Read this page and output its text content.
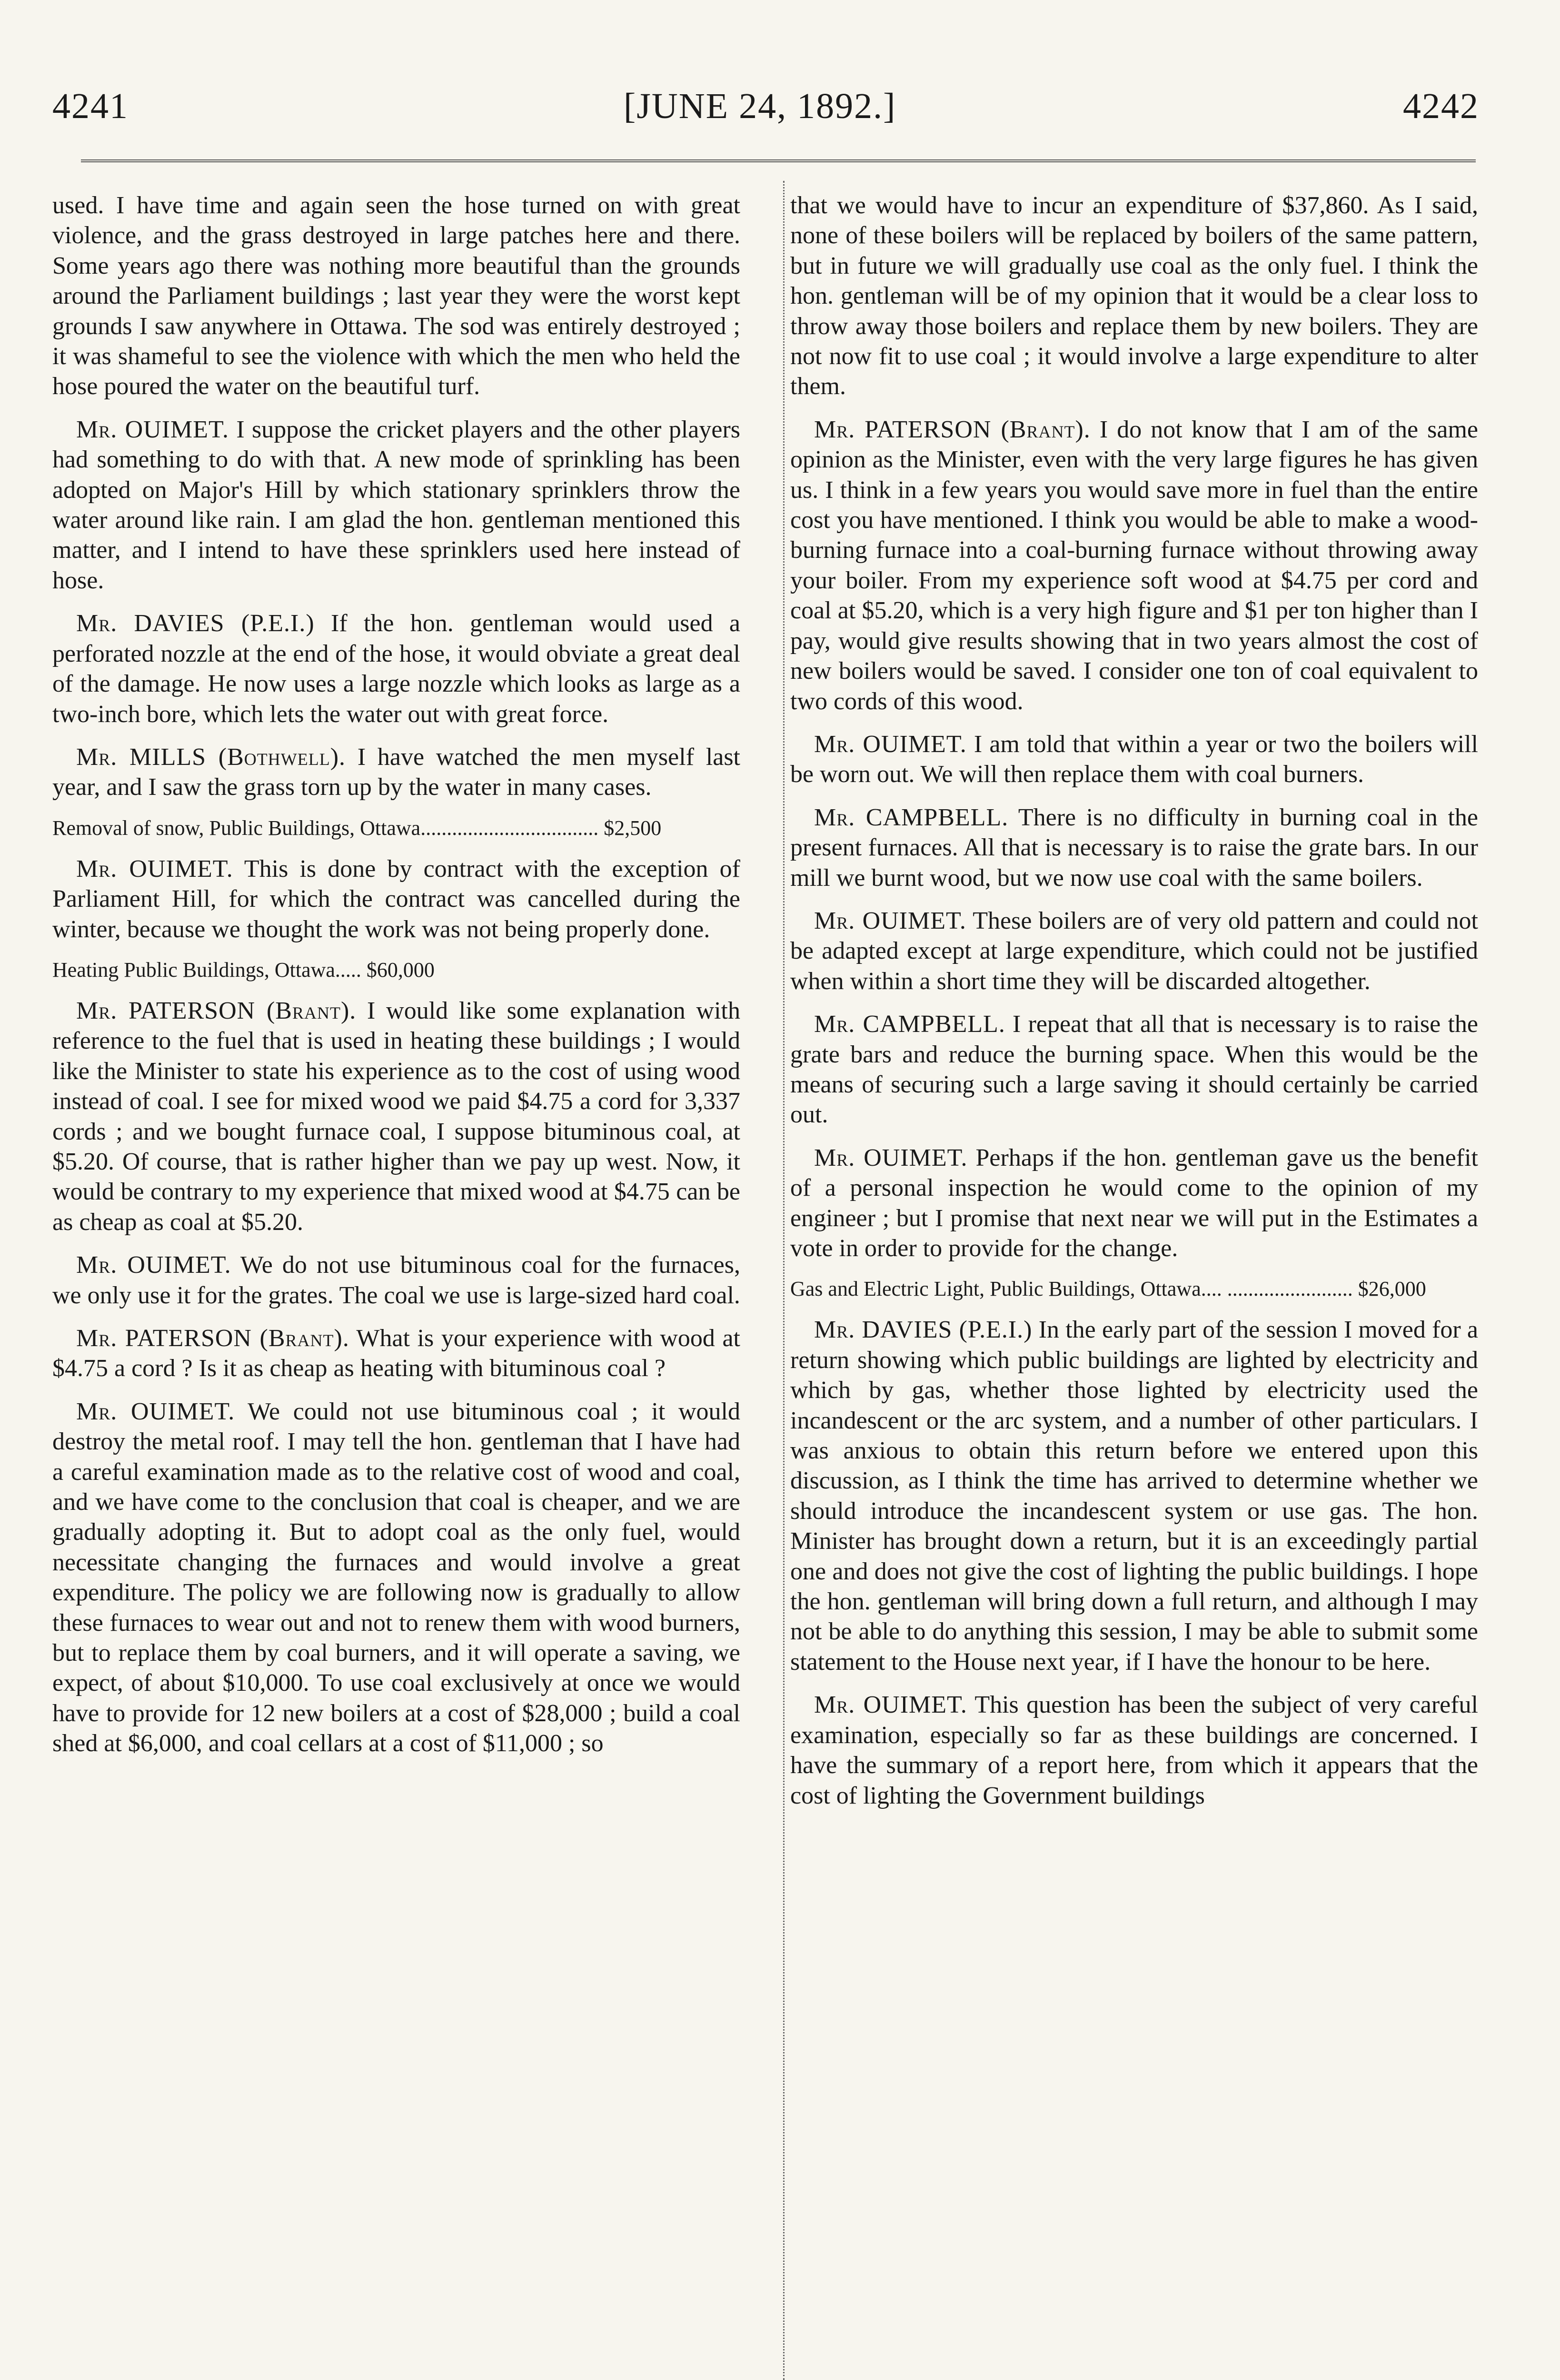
4241	[JUNE 24, 1892.]	4242

used. I have time and again seen the hose turned on with great violence, and the grass destroyed in large patches here and there. Some years ago there was nothing more beautiful than the grounds around the Parliament buildings ; last year they were the worst kept grounds I saw anywhere in Ottawa. The sod was entirely destroyed ; it was shameful to see the violence with which the men who held the hose poured the water on the beautiful turf.

Mr. OUIMET. I suppose the cricket players and the other players had something to do with that. A new mode of sprinkling has been adopted on Major's Hill by which stationary sprinklers throw the water around like rain. I am glad the hon. gentleman mentioned this matter, and I intend to have these sprinklers used here instead of hose.

Mr. DAVIES (P.E.I.) If the hon. gentleman would used a perforated nozzle at the end of the hose, it would obviate a great deal of the damage. He now uses a large nozzle which looks as large as a two-inch bore, which lets the water out with great force.

Mr. MILLS (Bothwell). I have watched the men myself last year, and I saw the grass torn up by the water in many cases.

Removal of snow, Public Buildings, Ottawa.................................. $2,500

Mr. OUIMET. This is done by contract with the exception of Parliament Hill, for which the contract was cancelled during the winter, because we thought the work was not being properly done.

Heating Public Buildings, Ottawa..... $60,000

Mr. PATERSON (Brant). I would like some explanation with reference to the fuel that is used in heating these buildings ; I would like the Minister to state his experience as to the cost of using wood instead of coal. I see for mixed wood we paid $4.75 a cord for 3,337 cords ; and we bought furnace coal, I suppose bituminous coal, at $5.20. Of course, that is rather higher than we pay up west. Now, it would be contrary to my experience that mixed wood at $4.75 can be as cheap as coal at $5.20.

Mr. OUIMET. We do not use bituminous coal for the furnaces, we only use it for the grates. The coal we use is large-sized hard coal.

Mr. PATERSON (Brant). What is your experience with wood at $4.75 a cord ? Is it as cheap as heating with bituminous coal ?

Mr. OUIMET. We could not use bituminous coal ; it would destroy the metal roof. I may tell the hon. gentleman that I have had a careful examination made as to the relative cost of wood and coal, and we have come to the conclusion that coal is cheaper, and we are gradually adopting it. But to adopt coal as the only fuel, would necessitate changing the furnaces and would involve a great expenditure. The policy we are following now is gradually to allow these furnaces to wear out and not to renew them with wood burners, but to replace them by coal burners, and it will operate a saving, we expect, of about $10,000. To use coal exclusively at once we would have to provide for 12 new boilers at a cost of $28,000 ; build a coal shed at $6,000, and coal cellars at a cost of $11,000 ; so

that we would have to incur an expenditure of $37,860. As I said, none of these boilers will be replaced by boilers of the same pattern, but in future we will gradually use coal as the only fuel. I think the hon. gentleman will be of my opinion that it would be a clear loss to throw away those boilers and replace them by new boilers. They are not now fit to use coal ; it would involve a large expenditure to alter them.

Mr. PATERSON (Brant). I do not know that I am of the same opinion as the Minister, even with the very large figures he has given us. I think in a few years you would save more in fuel than the entire cost you have mentioned. I think you would be able to make a wood-burning furnace into a coal-burning furnace without throwing away your boiler. From my experience soft wood at $4.75 per cord and coal at $5.20, which is a very high figure and $1 per ton higher than I pay, would give results showing that in two years almost the cost of new boilers would be saved. I consider one ton of coal equivalent to two cords of this wood.

Mr. OUIMET. I am told that within a year or two the boilers will be worn out. We will then replace them with coal burners.

Mr. CAMPBELL. There is no difficulty in burning coal in the present furnaces. All that is necessary is to raise the grate bars. In our mill we burnt wood, but we now use coal with the same boilers.

Mr. OUIMET. These boilers are of very old pattern and could not be adapted except at large expenditure, which could not be justified when within a short time they will be discarded altogether.

Mr. CAMPBELL. I repeat that all that is necessary is to raise the grate bars and reduce the burning space. When this would be the means of securing such a large saving it should certainly be carried out.

Mr. OUIMET. Perhaps if the hon. gentleman gave us the benefit of a personal inspection he would come to the opinion of my engineer ; but I promise that next near we will put in the Estimates a vote in order to provide for the change.

Gas and Electric Light, Public Buildings, Ottawa.... ........................ $26,000

Mr. DAVIES (P.E.I.) In the early part of the session I moved for a return showing which public buildings are lighted by electricity and which by gas, whether those lighted by electricity used the incandescent or the arc system, and a number of other particulars. I was anxious to obtain this return before we entered upon this discussion, as I think the time has arrived to determine whether we should introduce the incandescent system or use gas. The hon. Minister has brought down a return, but it is an exceedingly partial one and does not give the cost of lighting the public buildings. I hope the hon. gentleman will bring down a full return, and although I may not be able to do anything this session, I may be able to submit some statement to the House next year, if I have the honour to be here.

Mr. OUIMET. This question has been the subject of very careful examination, especially so far as these buildings are concerned. I have the summary of a report here, from which it appears that the cost of lighting the Government buildings
